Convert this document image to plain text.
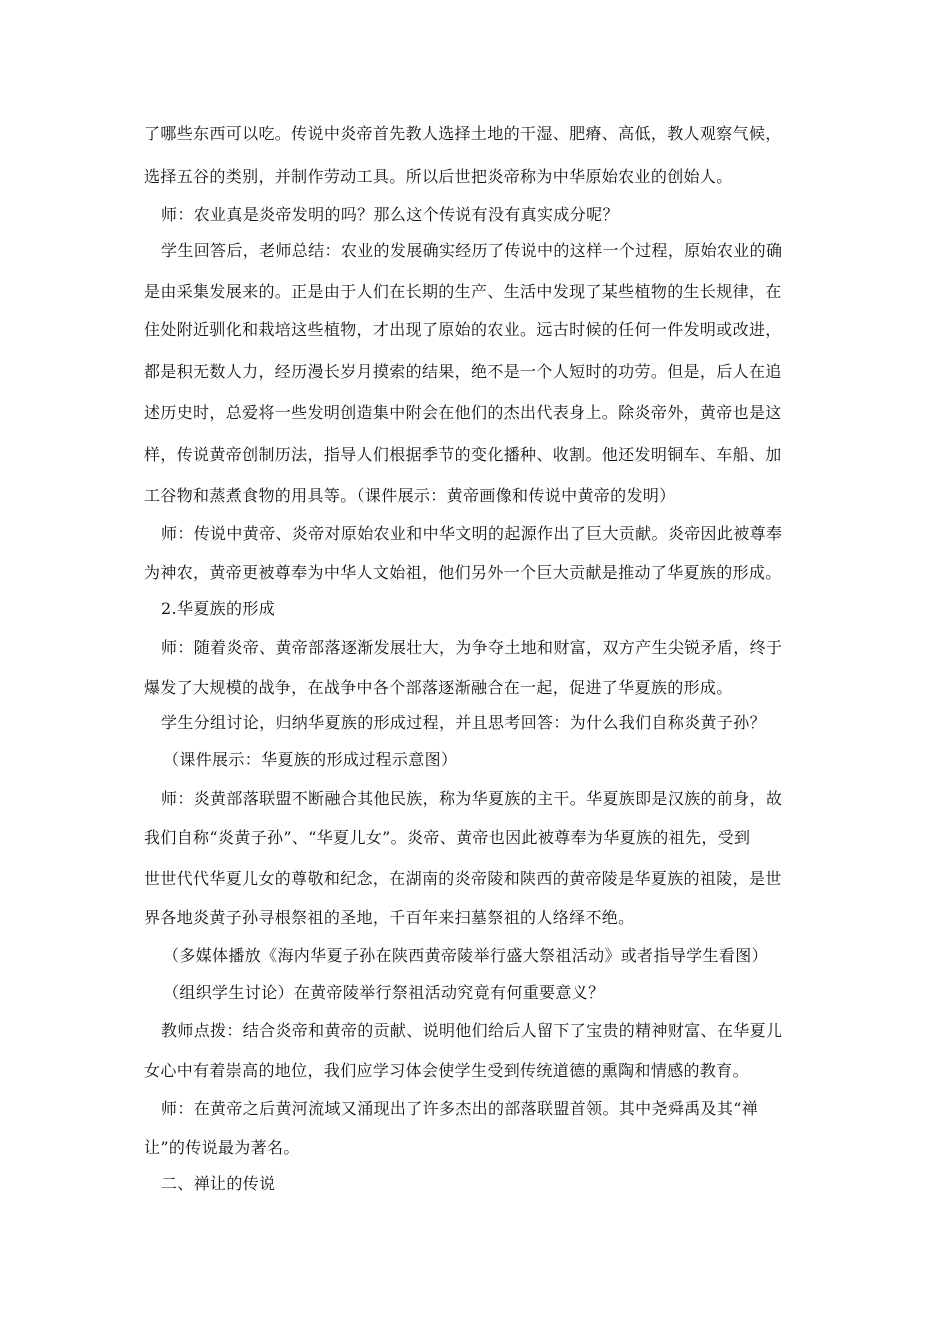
了哪些东西可以吃。传说中炎帝首先教人选择土地的干湿、肥瘠、高低，教人观察气候，
选择五谷的类别，并制作劳动工具。所以后世把炎帝称为中华原始农业的创始人。
师：农业真是炎帝发明的吗？那么这个传说有没有真实成分呢？
学生回答后，老师总结：农业的发展确实经历了传说中的这样一个过程，原始农业的确
是由采集发展来的。正是由于人们在长期的生产、生活中发现了某些植物的生长规律，在
住处附近驯化和栽培这些植物，才出现了原始的农业。远古时候的任何一件发明或改进，
都是积无数人力，经历漫长岁月摸索的结果，绝不是一个人短时的功劳。但是，后人在追
述历史时，总爱将一些发明创造集中附会在他们的杰出代表身上。除炎帝外，黄帝也是这
样，传说黄帝创制历法，指导人们根据季节的变化播种、收割。他还发明铜车、车船、加
工谷物和蒸煮食物的用具等。（课件展示：黄帝画像和传说中黄帝的发明）
师：传说中黄帝、炎帝对原始农业和中华文明的起源作出了巨大贡献。炎帝因此被尊奉
为神农，黄帝更被尊奉为中华人文始祖，他们另外一个巨大贡献是推动了华夏族的形成。
2.华夏族的形成
师：随着炎帝、黄帝部落逐渐发展壮大，为争夺土地和财富，双方产生尖锐矛盾，终于
爆发了大规模的战争，在战争中各个部落逐渐融合在一起，促进了华夏族的形成。
学生分组讨论，归纳华夏族的形成过程，并且思考回答：为什么我们自称炎黄子孙？
（课件展示：华夏族的形成过程示意图）
师：炎黄部落联盟不断融合其他民族，称为华夏族的主干。华夏族即是汉族的前身，故
我们自称“炎黄子孙”、“华夏儿女”。炎帝、黄帝也因此被尊奉为华夏族的祖先，受到
世世代代华夏儿女的尊敬和纪念，在湖南的炎帝陵和陕西的黄帝陵是华夏族的祖陵，是世
界各地炎黄子孙寻根祭祖的圣地，千百年来扫墓祭祖的人络绎不绝。
（多媒体播放《海内华夏子孙在陕西黄帝陵举行盛大祭祖活动》或者指导学生看图）
（组织学生讨论）在黄帝陵举行祭祖活动究竟有何重要意义？
教师点拨：结合炎帝和黄帝的贡献、说明他们给后人留下了宝贵的精神财富、在华夏儿
女心中有着崇高的地位，我们应学习体会使学生受到传统道德的熏陶和情感的教育。
师：在黄帝之后黄河流域又涌现出了许多杰出的部落联盟首领。其中尧舜禹及其“禅
让”的传说最为著名。
二、禅让的传说
